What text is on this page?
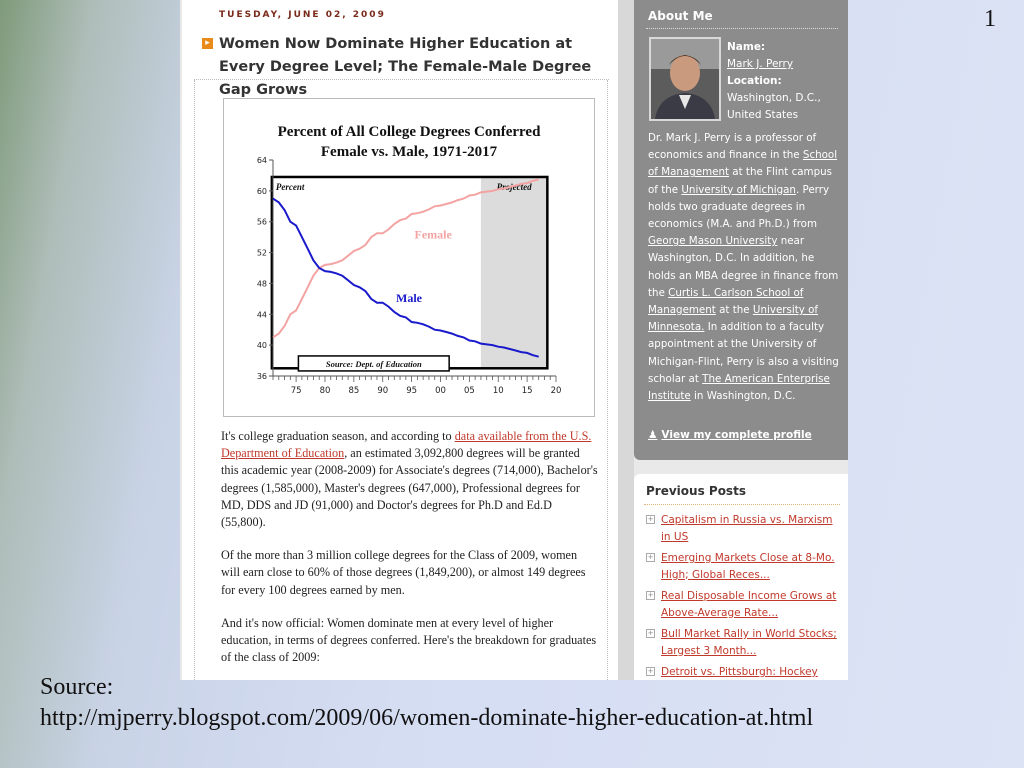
1
TUESDAY, JUNE 02, 2009
▸ Women Now Dominate Higher Education at Every Degree Level; The Female-Male Degree Gap Grows
Percent of All College Degrees Conferred
Female vs. Male, 1971-2017
Projected
36
40
44
48
52
56
60
64
75 80 85 90 95 00 05 10 15 20
Percent
Female
Male
Source: Dept. of Education

It's college graduation season, and according to data available from the U.S. Department of Education, an estimated 3,092,800 degrees will be granted this academic year (2008-2009) for Associate's degrees (714,000), Bachelor's degrees (1,585,000), Master's degrees (647,000), Professional degrees for MD, DDS and JD (91,000) and Doctor's degrees for Ph.D and Ed.D (55,800).

Of the more than 3 million college degrees for the Class of 2009, women will earn close to 60% of those degrees (1,849,200), or almost 149 degrees for every 100 degrees earned by men.

And it's now official: Women dominate men at every level of higher education, in terms of degrees conferred. Here's the breakdown for graduates of the class of 2009:

About Me
Name:
Mark J. Perry
Location:
Washington, D.C., United States
Dr. Mark J. Perry is a professor of economics and finance in the School of Management at the Flint campus of the University of Michigan. Perry holds two graduate degrees in economics (M.A. and Ph.D.) from George Mason University near Washington, D.C. In addition, he holds an MBA degree in finance from the Curtis L. Carlson School of Management at the University of Minnesota. In addition to a faculty appointment at the University of Michigan-Flint, Perry is also a visiting scholar at The American Enterprise Institute in Washington, D.C.
♟ View my complete profile
Previous Posts
+ Capitalism in Russia vs. Marxism in US
+ Emerging Markets Close at 8-Mo. High; Global Reces...
+ Real Disposable Income Grows at Above-Average Rate...
+ Bull Market Rally in World Stocks; Largest 3 Month...
+ Detroit vs. Pittsburgh: Hockey
Source:
http://mjperry.blogspot.com/2009/06/women-dominate-higher-education-at.html
